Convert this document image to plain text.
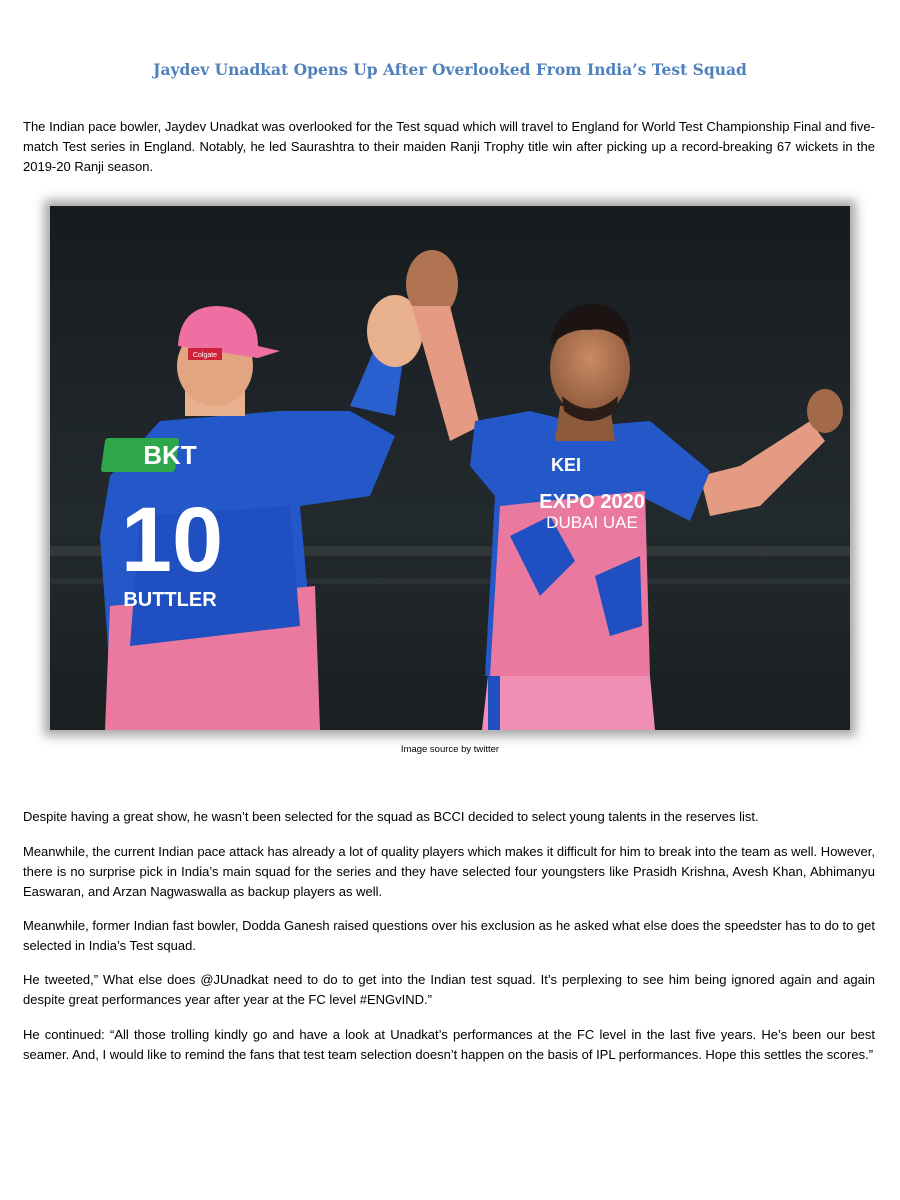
Jaydev Unadkat Opens Up After Overlooked From India’s Test Squad

The Indian pace bowler, Jaydev Unadkat was overlooked for the Test squad which will travel to England for World Test Championship Final and five-match Test series in England. Notably, he led Saurashtra to their maiden Ranji Trophy title win after picking up a record-breaking 67 wickets in the 2019-20 Ranji season.

Colgate
BKT
10
BUTTLER
KEI
EXPO 2020
DUBAI UAE
Image source by twitter

Despite having a great show, he wasn’t been selected for the squad as BCCI decided to select young talents in the reserves list.

Meanwhile, the current Indian pace attack has already a lot of quality players which makes it difficult for him to break into the team as well. However, there is no surprise pick in India’s main squad for the series and they have selected four youngsters like Prasidh Krishna, Avesh Khan, Abhimanyu Easwaran, and Arzan Nagwaswalla as backup players as well.

Meanwhile, former Indian fast bowler, Dodda Ganesh raised questions over his exclusion as he asked what else does the speedster has to do to get selected in India’s Test squad.

He tweeted,” What else does @JUnadkat need to do to get into the Indian test squad. It’s perplexing to see him being ignored again and again despite great performances year after year at the FC level #ENGvIND.”

He continued: “All those trolling kindly go and have a look at Unadkat’s performances at the FC level in the last five years. He’s been our best seamer. And, I would like to remind the fans that test team selection doesn’t happen on the basis of IPL performances. Hope this settles the scores.”
